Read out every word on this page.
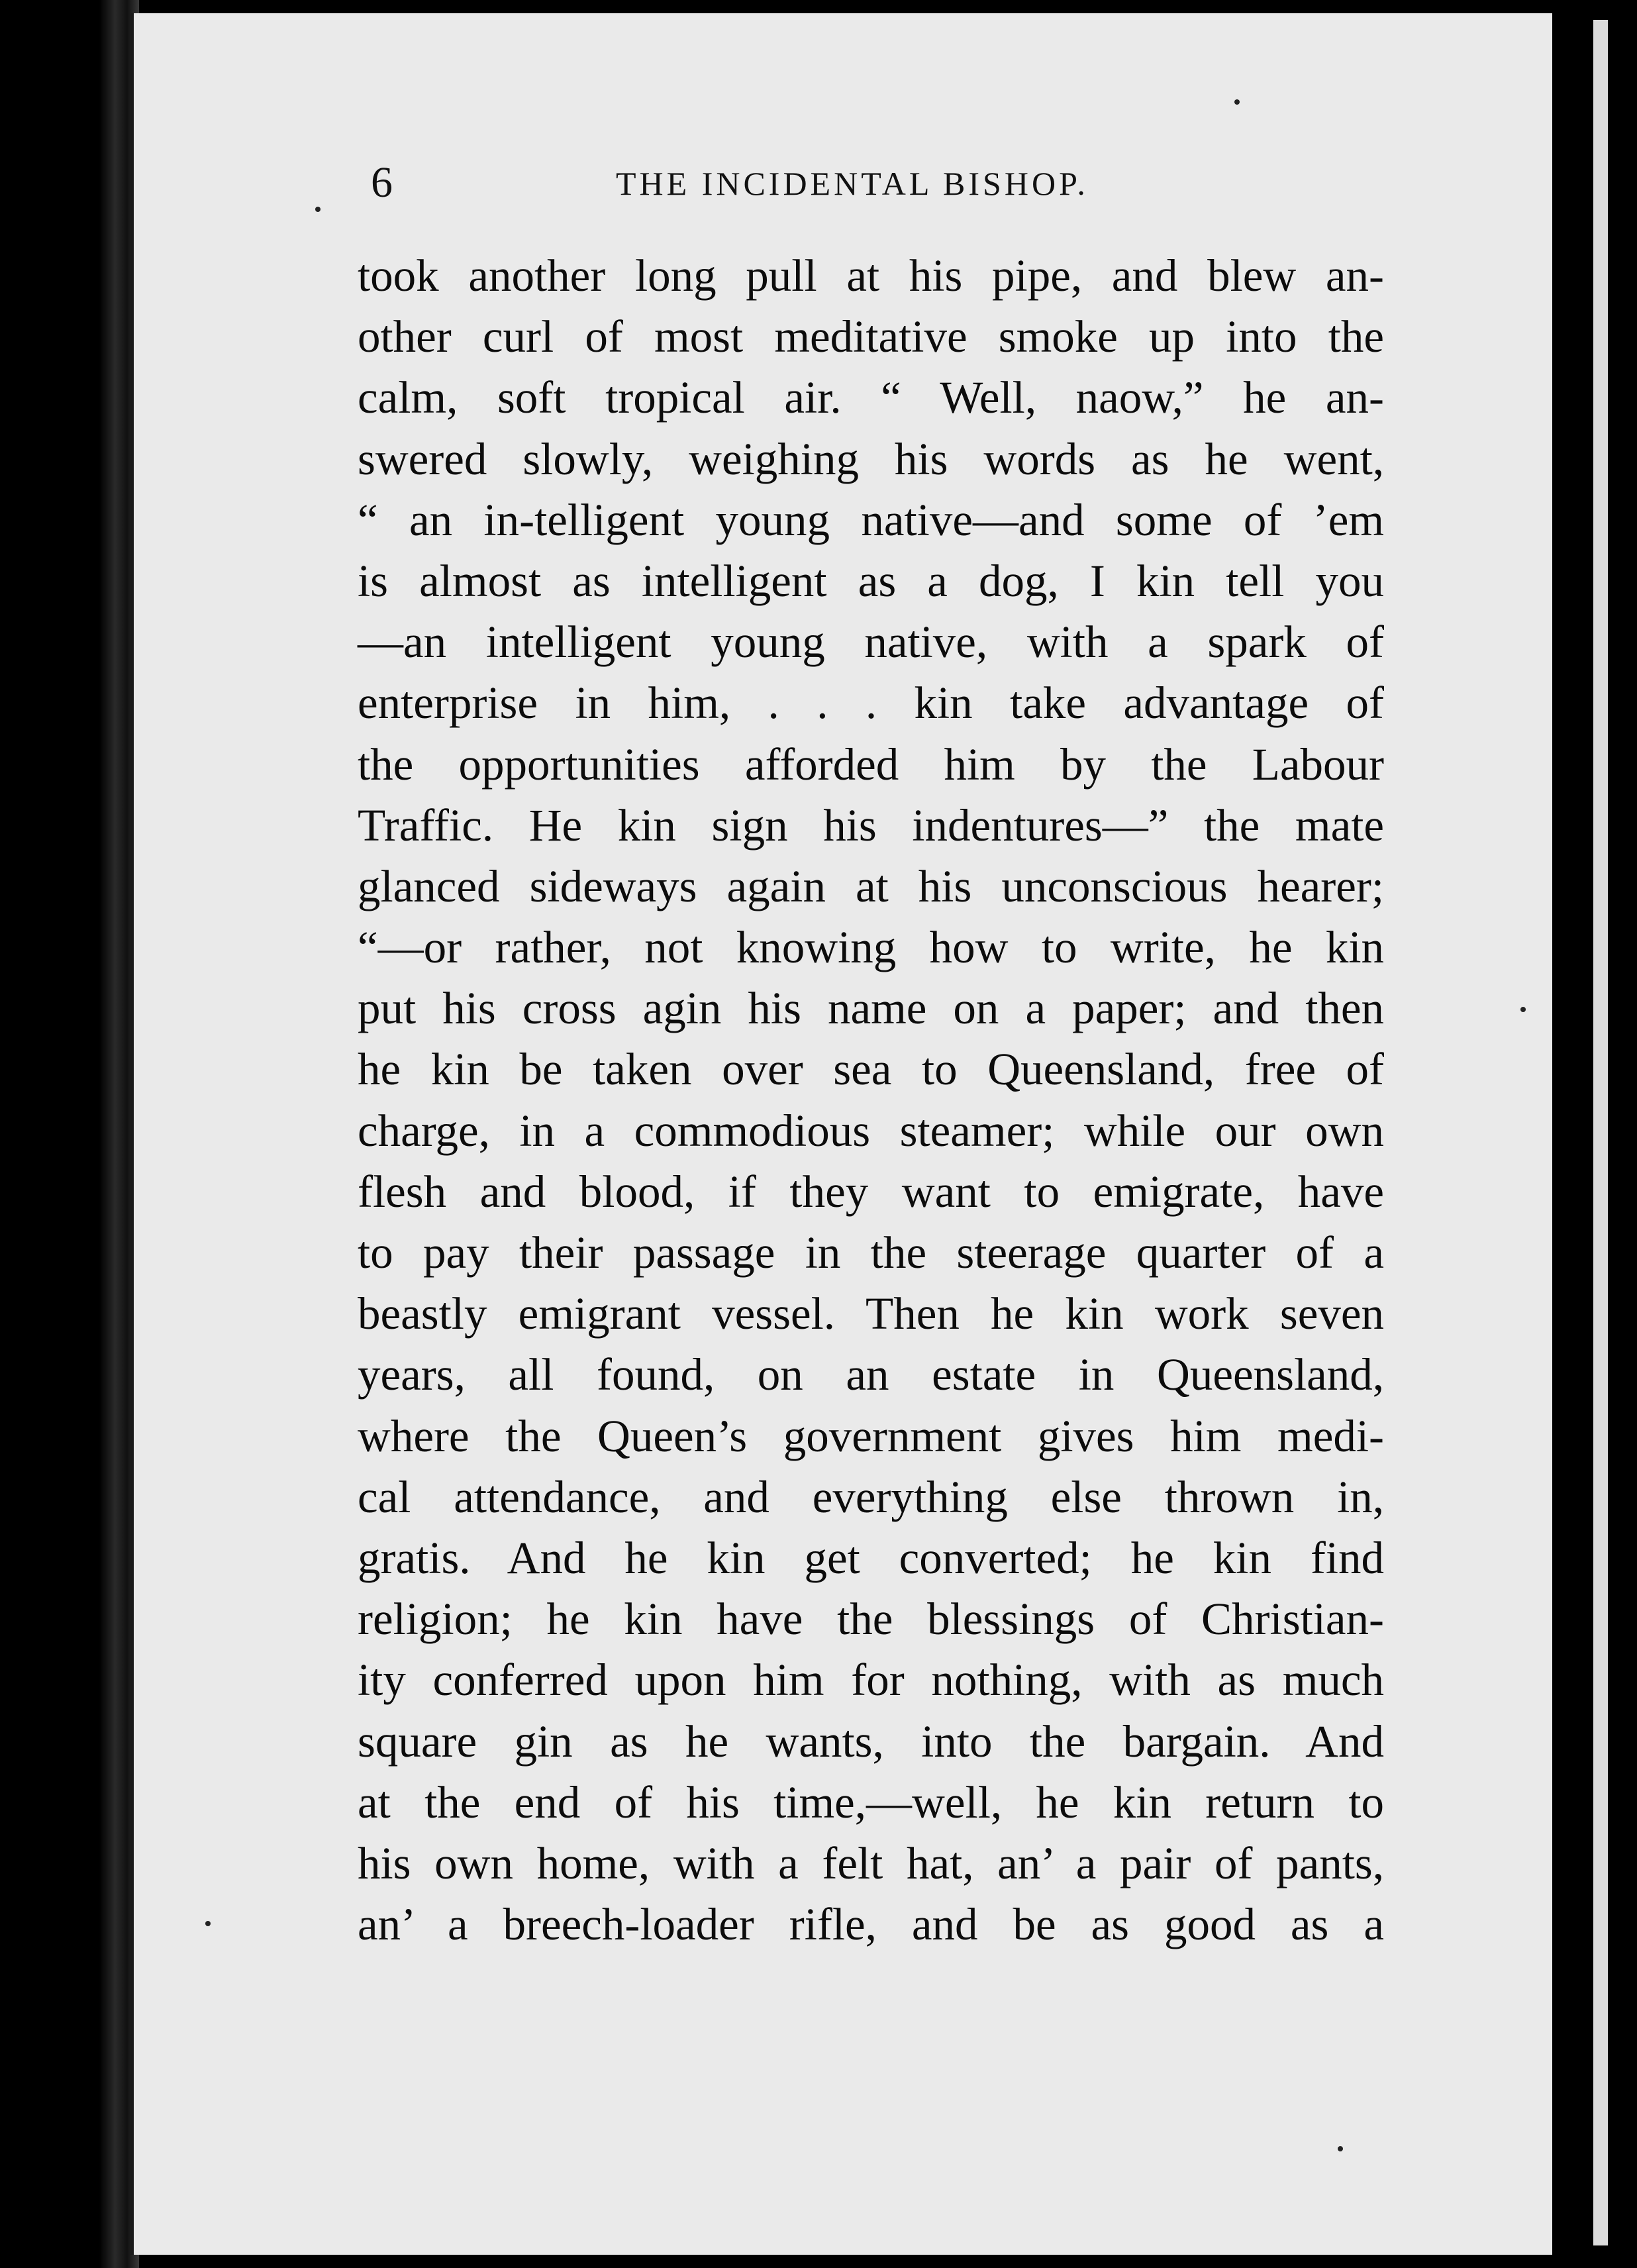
6	THE INCIDENTAL BISHOP.
took another long pull at his pipe, and blew an-
other curl of most meditative smoke up into the
calm, soft tropical air. “ Well, naow,” he an-
swered slowly, weighing his words as he went,
“ an in-telligent young native—and some of ’em
is almost as intelligent as a dog, I kin tell you
—an intelligent young native, with a spark of
enterprise in him, . . . kin take advantage of
the opportunities afforded him by the Labour
Traffic. He kin sign his indentures—” the mate
glanced sideways again at his unconscious hearer;
“—or rather, not knowing how to write, he kin
put his cross agin his name on a paper; and then
he kin be taken over sea to Queensland, free of
charge, in a commodious steamer; while our own
flesh and blood, if they want to emigrate, have
to pay their passage in the steerage quarter of a
beastly emigrant vessel. Then he kin work seven
years, all found, on an estate in Queensland,
where the Queen’s government gives him medi-
cal attendance, and everything else thrown in,
gratis. And he kin get converted; he kin find
religion; he kin have the blessings of Christian-
ity conferred upon him for nothing, with as much
square gin as he wants, into the bargain. And
at the end of his time,—well, he kin return to
his own home, with a felt hat, an’ a pair of pants,
an’ a breech-loader rifle, and be as good as a
